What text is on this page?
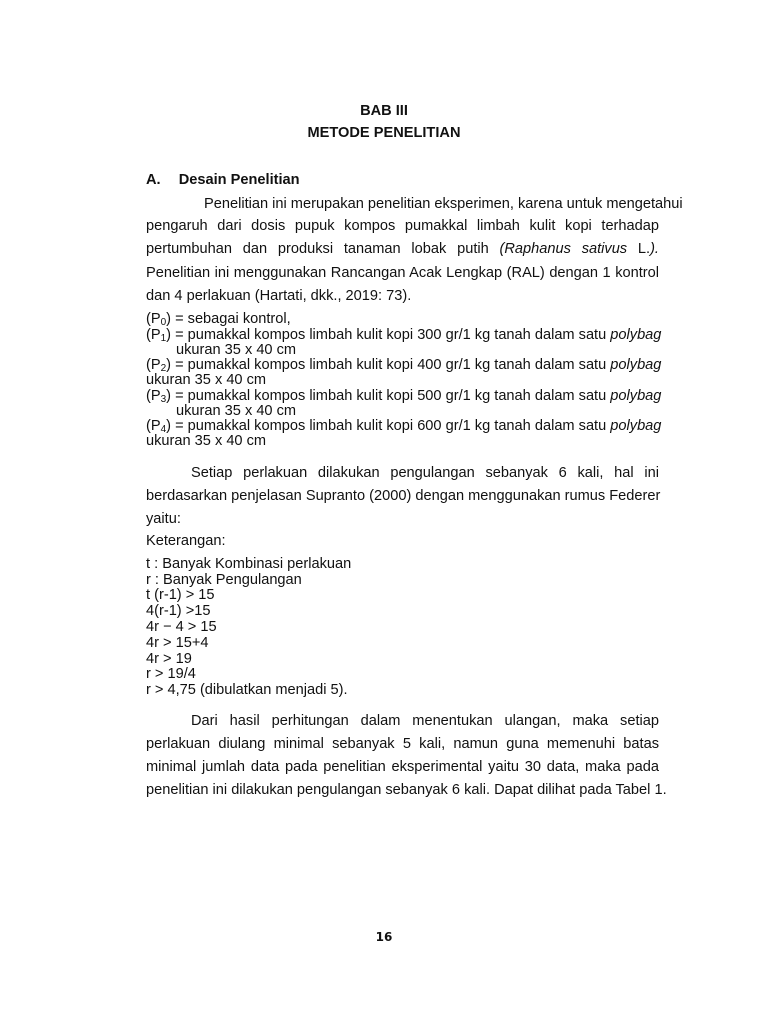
BAB III
METODE PENELITIAN
A. Desain Penelitian
Penelitian ini merupakan penelitian eksperimen, karena untuk mengetahui
pengaruh dari dosis pupuk kompos pumakkal limbah kulit kopi terhadap
pertumbuhan dan produksi tanaman lobak putih (Raphanus sativus L.).
Penelitian ini menggunakan Rancangan Acak Lengkap (RAL) dengan 1 kontrol
dan 4 perlakuan (Hartati, dkk., 2019: 73).
$(P_0)$ = sebagai kontrol,
$(P_1)$ = pumakkal kompos limbah kulit kopi 300 gr/1 kg tanah dalam satu polybag
ukuran 35 x 40 cm
$(P_2)$ = pumakkal kompos limbah kulit kopi 400 gr/1 kg tanah dalam satu polybag
ukuran 35 x 40 cm
$(P_3)$ = pumakkal kompos limbah kulit kopi 500 gr/1 kg tanah dalam satu polybag
ukuran 35 x 40 cm
$(P_4)$ = pumakkal kompos limbah kulit kopi 600 gr/1 kg tanah dalam satu polybag
ukuran 35 x 40 cm
Setiap perlakuan dilakukan pengulangan sebanyak 6 kali, hal ini
berdasarkan penjelasan Supranto (2000) dengan menggunakan rumus Federer
yaitu:
Keterangan:
t : Banyak Kombinasi perlakuan
r : Banyak Pengulangan
t (r-1) > 15
4(r-1) >15
4r − 4 > 15
4r > 15+4
4r > 19
r > 19/4
r > 4,75 (dibulatkan menjadi 5).
Dari hasil perhitungan dalam menentukan ulangan, maka setiap
perlakuan diulang minimal sebanyak 5 kali, namun guna memenuhi batas
minimal jumlah data pada penelitian eksperimental yaitu 30 data, maka pada
penelitian ini dilakukan pengulangan sebanyak 6 kali. Dapat dilihat pada Tabel 1.
16
